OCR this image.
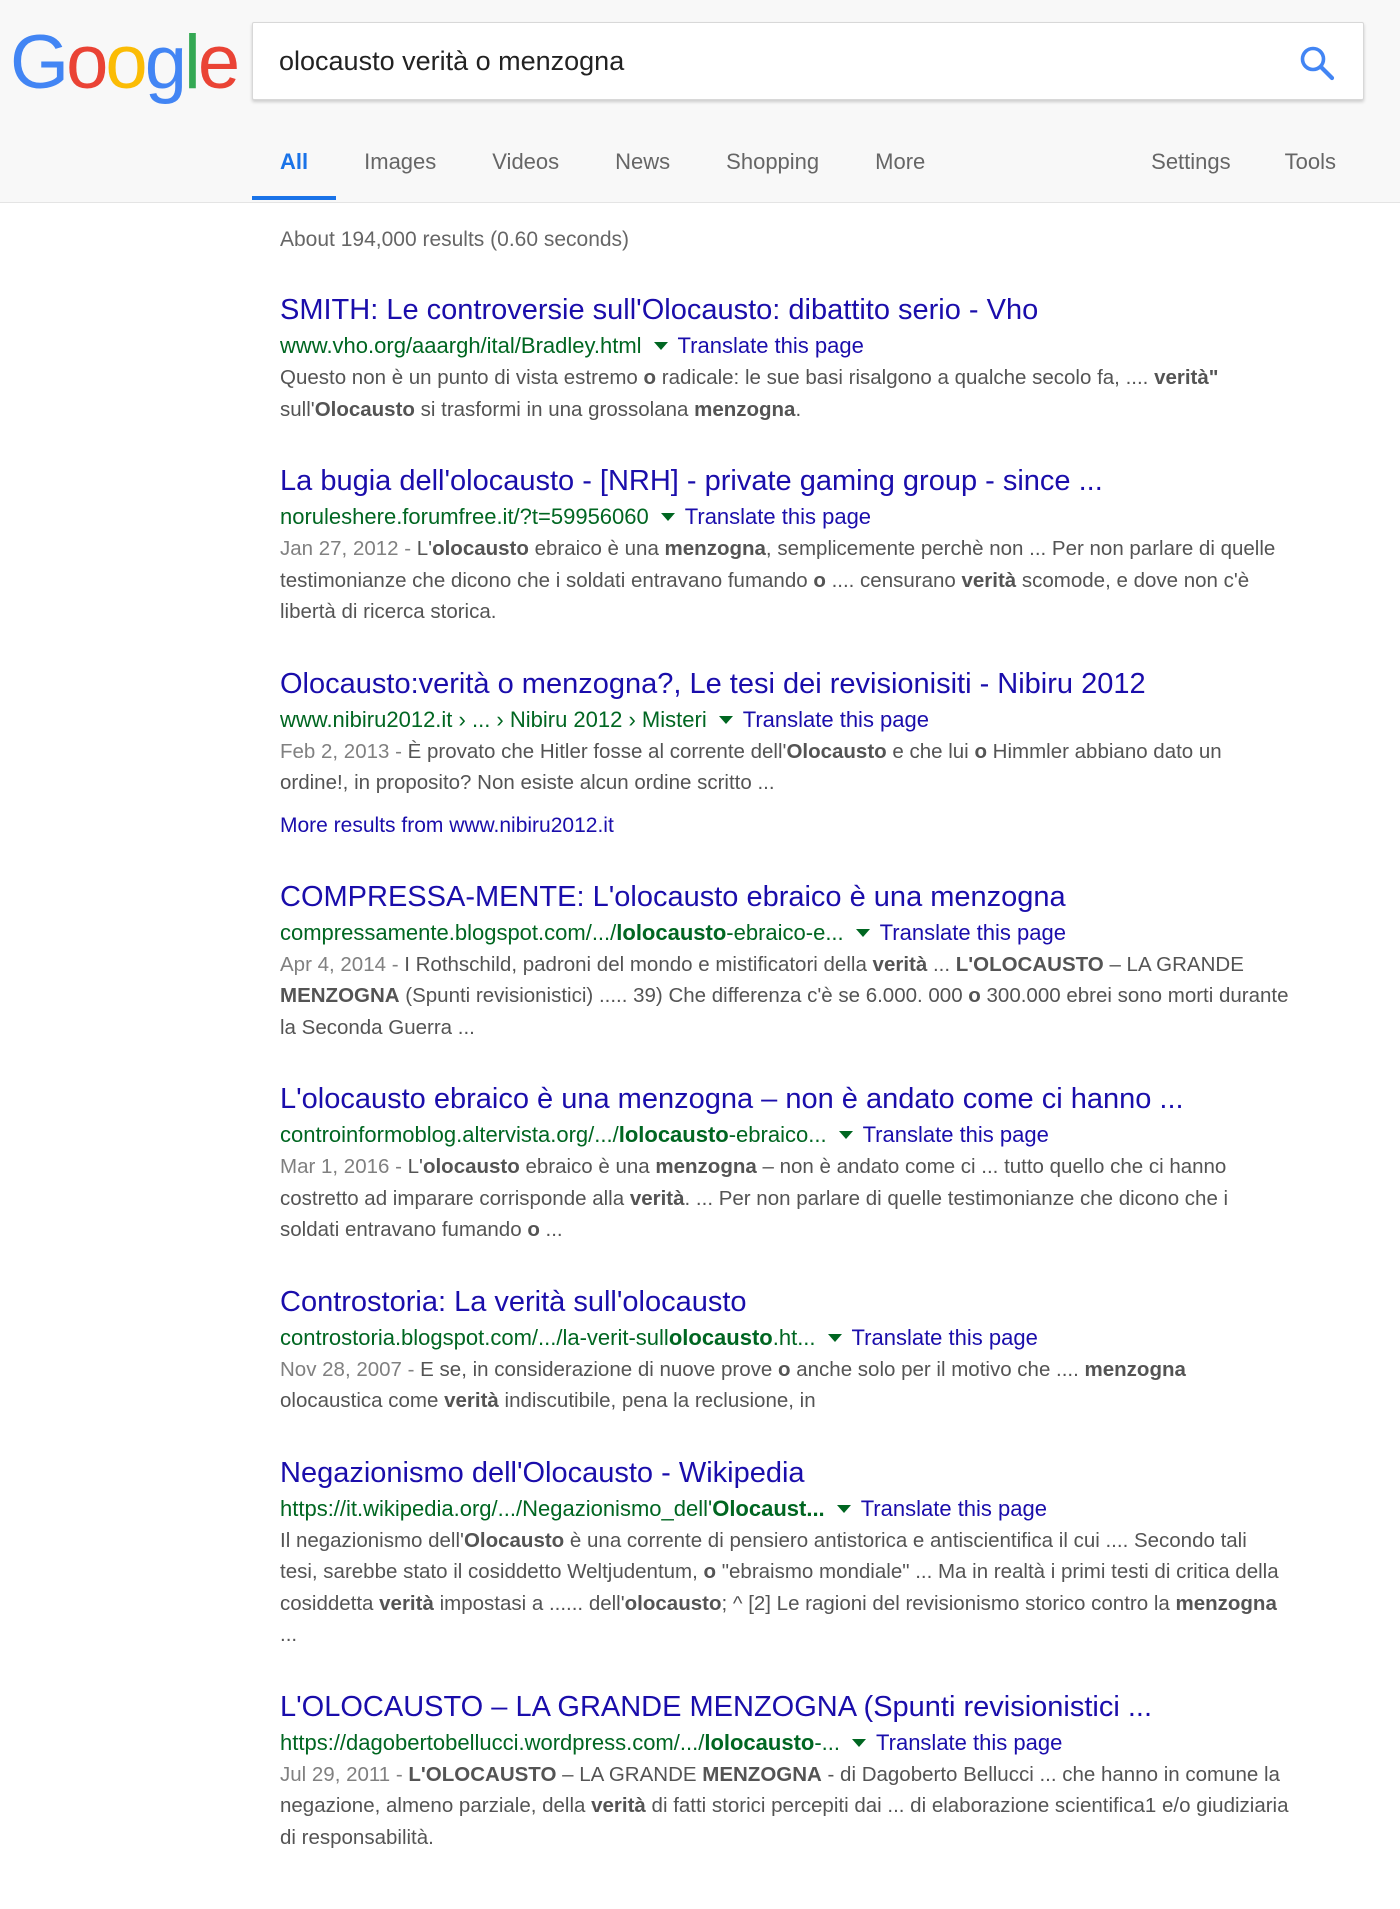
Google
olocausto verità o menzogna
All	Images	Videos	News	Shopping	More	Settings Tools
About 194,000 results (0.60 seconds)
SMITH: Le controversie sull'Olocausto: dibattito serio - Vho
www.vho.org/aaargh/ital/Bradley.html Translate this page
Questo non è un punto di vista estremo o radicale: le sue basi risalgono a qualche secolo fa, .... verità" sull'Olocausto si trasformi in una grossolana menzogna.
La bugia dell'olocausto - [NRH] - private gaming group - since ...
noruleshere.forumfree.it/?t=59956060 Translate this page
Jan 27, 2012 - L'olocausto ebraico è una menzogna, semplicemente perchè non ... Per non parlare di quelle testimonianze che dicono che i soldati entravano fumando o .... censurano verità scomode, e dove non c'è libertà di ricerca storica.
Olocausto:verità o menzogna?, Le tesi dei revisionisiti - Nibiru 2012
www.nibiru2012.it › ... › Nibiru 2012 › Misteri Translate this page
Feb 2, 2013 - È provato che Hitler fosse al corrente dell'Olocausto e che lui o Himmler abbiano dato un ordine!, in proposito? Non esiste alcun ordine scritto ...
More results from www.nibiru2012.it
COMPRESSA-MENTE: L'olocausto ebraico è una menzogna
compressamente.blogspot.com/.../lolocausto-ebraico-e... Translate this page
Apr 4, 2014 - I Rothschild, padroni del mondo e mistificatori della verità ... L'OLOCAUSTO – LA GRANDE MENZOGNA (Spunti revisionistici) ..... 39) Che differenza c'è se 6.000. 000 o 300.000 ebrei sono morti durante la Seconda Guerra ...
L'olocausto ebraico è una menzogna – non è andato come ci hanno ...
controinformoblog.altervista.org/.../lolocausto-ebraico... Translate this page
Mar 1, 2016 - L'olocausto ebraico è una menzogna – non è andato come ci ... tutto quello che ci hanno costretto ad imparare corrisponde alla verità. ... Per non parlare di quelle testimonianze che dicono che i soldati entravano fumando o ...
Controstoria: La verità sull'olocausto
controstoria.blogspot.com/.../la-verit-sullolocausto.ht... Translate this page
Nov 28, 2007 - E se, in considerazione di nuove prove o anche solo per il motivo che .... menzogna olocaustica come verità indiscutibile, pena la reclusione, in
Negazionismo dell'Olocausto - Wikipedia
https://it.wikipedia.org/.../Negazionismo_dell'Olocaust... Translate this page
Il negazionismo dell'Olocausto è una corrente di pensiero antistorica e antiscientifica il cui .... Secondo tali tesi, sarebbe stato il cosiddetto Weltjudentum, o "ebraismo mondiale" ... Ma in realtà i primi testi di critica della cosiddetta verità impostasi a ...... dell'olocausto; ^ [2] Le ragioni del revisionismo storico contro la menzogna ...
L'OLOCAUSTO – LA GRANDE MENZOGNA (Spunti revisionistici ...
https://dagobertobellucci.wordpress.com/.../lolocausto-... Translate this page
Jul 29, 2011 - L'OLOCAUSTO – LA GRANDE MENZOGNA - di Dagoberto Bellucci ... che hanno in comune la negazione, almeno parziale, della verità di fatti storici percepiti dai ... di elaborazione scientifica1 e/o giudiziaria di responsabilità.
